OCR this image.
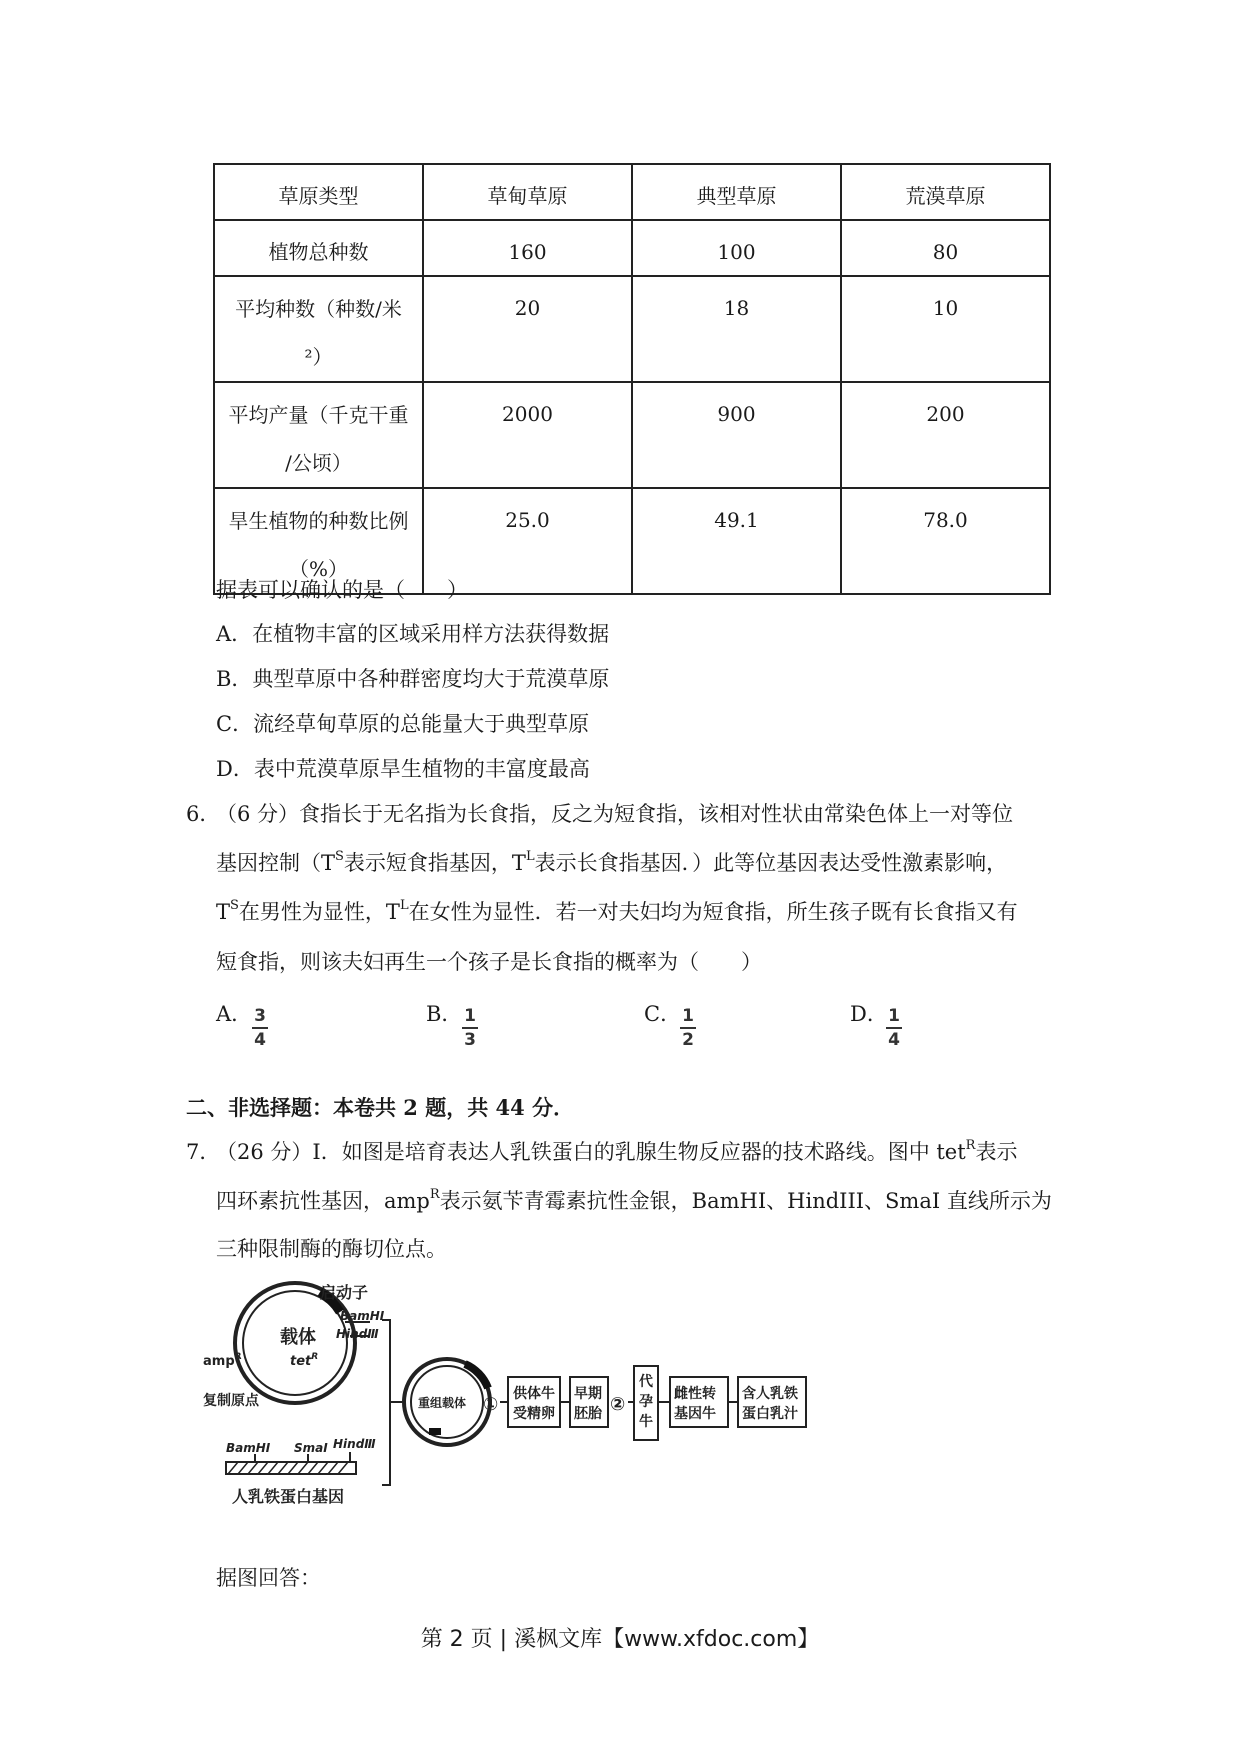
草原类型	草甸草原	典型草原	荒漠草原
植物总种数	160	100	80
平均种数（种数/米
²）	20	18	10
平均产量（千克干重
/公顷）	2000	900	200
旱生植物的种数比例
（%）	25.0	49.1	78.0
据表可以确认的是（　　）
A．在植物丰富的区域采用样方法获得数据
B．典型草原中各种群密度均大于荒漠草原
C．流经草甸草原的总能量大于典型草原
D．表中荒漠草原旱生植物的丰富度最高
6．
（6 分）食指长于无名指为长食指，反之为短食指，该相对性状由常染色体上一对等位
基因控制（$T^S$表示短食指基因，$T^L$表示长食指基因．）此等位基因表达受性激素影响，
$T^S$在男性为显性，$T^L$在女性为显性．若一对夫妇均为短食指，所生孩子既有长食指又有
短食指，则该夫妇再生一个孩子是长食指的概率为（　　）
A． 3
4
B． 1
3
C． 1
2
D． 1
4
二、非选择题：本卷共 2 题，共 44 分．
7．
（26 分）Ⅰ．如图是培育表达人乳铁蛋白的乳腺生物反应器的技术路线。图中 tet$^R$表示
四环素抗性基因，amp$^R$表示氨苄青霉素抗性金银，BamHI、HindIII、SmaI 直线所示为
三种限制酶的酶切位点。
载体
tet$^R$
amp$^R$
启动子
BamHⅠ
HindⅢ
复制原点
BamHⅠ SmaⅠ HindⅢ
人乳铁蛋白基因
重组载体 ① 供体牛
受精卵
早期
胚胎 ②
代
孕
牛
雌性转
基因牛
含人乳铁
蛋白乳汁
据图回答：
第 2 页 | 溪枫文库【www.xfdoc.com】
